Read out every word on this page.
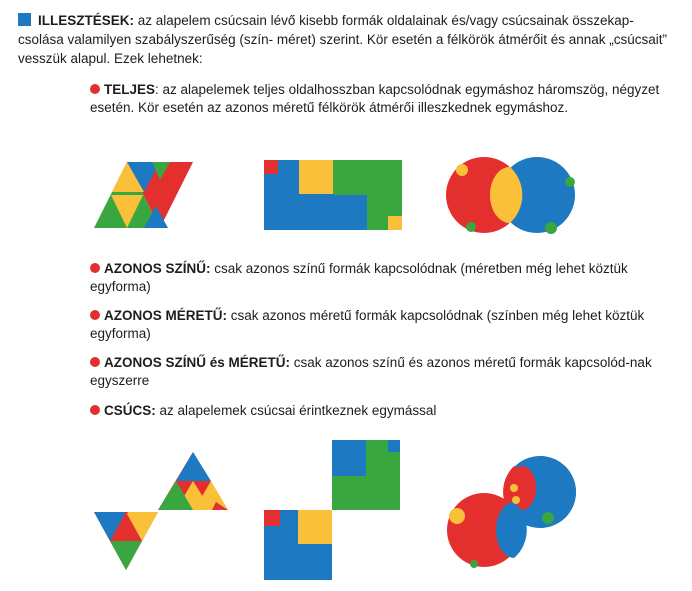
ILLESZTÉSEK: az alapelem csúcsain lévő kisebb formák oldalainak és/vagy csúcsainak összekap-csolása valamilyen szabályszerűség (szín- méret) szerint. Kör esetén a félkörök átmérőit és annak „csúcsait” vesszük alapul. Ezek lehetnek:
TELJES: az alapelemek teljes oldalhosszban kapcsolódnak egymáshoz háromszög, négyzet esetén. Kör esetén az azonos méretű félkörök átmérői illeszkednek egymáshoz.
AZONOS SZÍNŰ: csak azonos színű formák kapcsolódnak (méretben még lehet köztük egyforma)
AZONOS MÉRETŰ: csak azonos méretű formák kapcsolódnak (színben még lehet köztük egyforma)
AZONOS SZÍNŰ és MÉRETŰ: csak azonos színű és azonos méretű formák kapcsolód-nak egyszerre
CSÚCS: az alapelemek csúcsai érintkeznek egymással
